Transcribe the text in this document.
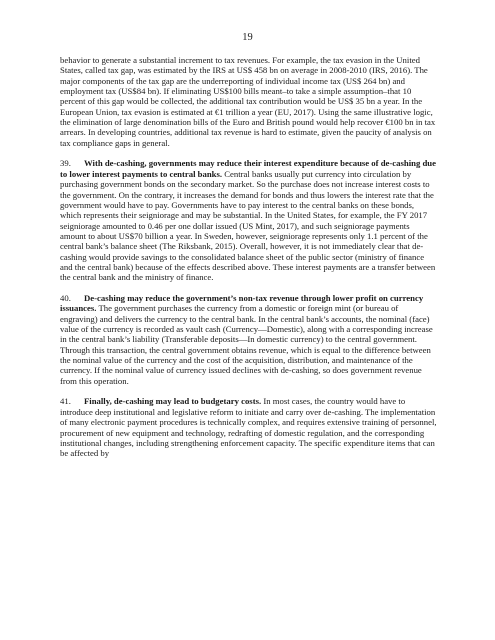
19

behavior to generate a substantial increment to tax revenues. For example, the tax evasion in the United States, called tax gap, was estimated by the IRS at US$ 458 bn on average in 2008-2010 (IRS, 2016). The major components of the tax gap are the underreporting of individual income tax (US$ 264 bn) and employment tax (US$84 bn). If eliminating US$100 bills meant–to take a simple assumption–that 10 percent of this gap would be collected, the additional tax contribution would be US$ 35 bn a year. In the European Union, tax evasion is estimated at €1 trillion a year (EU, 2017). Using the same illustrative logic, the elimination of large denomination bills of the Euro and British pound would help recover €100 bn in tax arrears. In developing countries, additional tax revenue is hard to estimate, given the paucity of analysis on tax compliance gaps in general.

39. With de-cashing, governments may reduce their interest expenditure because of de-cashing due to lower interest payments to central banks. Central banks usually put currency into circulation by purchasing government bonds on the secondary market. So the purchase does not increase interest costs to the government. On the contrary, it increases the demand for bonds and thus lowers the interest rate that the government would have to pay. Governments have to pay interest to the central banks on these bonds, which represents their seigniorage and may be substantial. In the United States, for example, the FY 2017 seigniorage amounted to 0.46 per one dollar issued (US Mint, 2017), and such seigniorage payments amount to about US$70 billion a year. In Sweden, however, seigniorage represents only 1.1 percent of the central bank’s balance sheet (The Riksbank, 2015). Overall, however, it is not immediately clear that de-cashing would provide savings to the consolidated balance sheet of the public sector (ministry of finance and the central bank) because of the effects described above. These interest payments are a transfer between the central bank and the ministry of finance.

40. De-cashing may reduce the government’s non-tax revenue through lower profit on currency issuances. The government purchases the currency from a domestic or foreign mint (or bureau of engraving) and delivers the currency to the central bank. In the central bank’s accounts, the nominal (face) value of the currency is recorded as vault cash (Currency—Domestic), along with a corresponding increase in the central bank’s liability (Transferable deposits—In domestic currency) to the central government. Through this transaction, the central government obtains revenue, which is equal to the difference between the nominal value of the currency and the cost of the acquisition, distribution, and maintenance of the currency. If the nominal value of currency issued declines with de-cashing, so does government revenue from this operation.

41. Finally, de-cashing may lead to budgetary costs. In most cases, the country would have to introduce deep institutional and legislative reform to initiate and carry over de-cashing. The implementation of many electronic payment procedures is technically complex, and requires extensive training of personnel, procurement of new equipment and technology, redrafting of domestic regulation, and the corresponding institutional changes, including strengthening enforcement capacity. The specific expenditure items that can be affected by
